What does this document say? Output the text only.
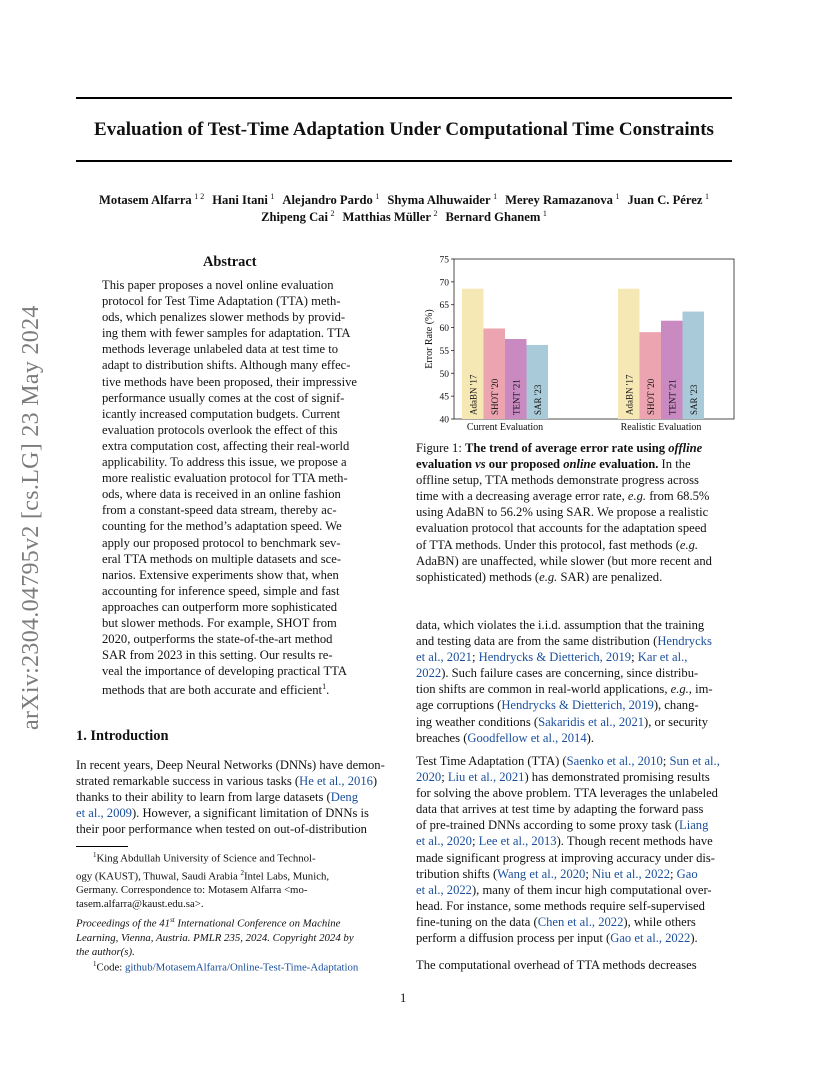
Evaluation of Test-Time Adaptation Under Computational Time Constraints
arXiv:2304.04795v2 [cs.LG] 23 May 2024
Motasem Alfarra  $^{1 2}$ Hani Itani  $^1$ Alejandro Pardo  $^1$ Shyma Alhuwaider  $^1$ Merey Ramazanova  $^1$ Juan C. Pérez  $^1$
Zhipeng Cai  $^2$ Matthias Müller  $^2$ Bernard Ghanem  $^1$
Abstract
This paper proposes a novel online evaluation
protocol for Test Time Adaptation (TTA) meth-
ods, which penalizes slower methods by provid-
ing them with fewer samples for adaptation. TTA
methods leverage unlabeled data at test time to
adapt to distribution shifts. Although many effec-
tive methods have been proposed, their impressive
performance usually comes at the cost of signif-
icantly increased computation budgets. Current
evaluation protocols overlook the effect of this
extra computation cost, affecting their real-world
applicability. To address this issue, we propose a
more realistic evaluation protocol for TTA meth-
ods, where data is received in an online fashion
from a constant-speed data stream, thereby ac-
counting for the method’s adaptation speed. We
apply our proposed protocol to benchmark sev-
eral TTA methods on multiple datasets and sce-
narios. Extensive experiments show that, when
accounting for inference speed, simple and fast
approaches can outperform more sophisticated
but slower methods. For example, SHOT from
2020, outperforms the state-of-the-art method
SAR from 2023 in this setting. Our results re-
veal the importance of developing practical TTA
methods that are both accurate and efficient$^1$.
1. Introduction
In recent years, Deep Neural Networks (DNNs) have demon-
strated remarkable success in various tasks (He et al., 2016)
thanks to their ability to learn from large datasets (Deng
et al., 2009). However, a significant limitation of DNNs is
their poor performance when tested on out-of-distribution
$^1$King Abdullah University of Science and Technol-
ogy (KAUST), Thuwal, Saudi Arabia $^2$Intel Labs, Munich,
Germany. Correspondence to: Motasem Alfarra <mo-
tasem.alfarra@kaust.edu.sa>.
Proceedings of the 41st International Conference on Machine
Learning, Vienna, Austria. PMLR 235, 2024. Copyright 2024 by
the author(s).
$^1$Code: github/MotasemAlfarra/Online-Test-Time-Adaptation
40
45
50
55
60
65
70
75
Error Rate (%)
AdaBN '17 SHOT '20 TENT '21 SAR '23
Current Evaluation
AdaBN '17 SHOT '20 TENT '21 SAR '23
Realistic Evaluation
Figure 1: The trend of average error rate using offline
evaluation vs our proposed online evaluation. In the
offline setup, TTA methods demonstrate progress across
time with a decreasing average error rate, e.g. from 68.5%
using AdaBN to 56.2% using SAR. We propose a realistic
evaluation protocol that accounts for the adaptation speed
of TTA methods. Under this protocol, fast methods (e.g.
AdaBN) are unaffected, while slower (but more recent and
sophisticated) methods (e.g. SAR) are penalized.
data, which violates the i.i.d. assumption that the training
and testing data are from the same distribution (Hendrycks
et al., 2021; Hendrycks & Dietterich, 2019; Kar et al.,
2022). Such failure cases are concerning, since distribu-
tion shifts are common in real-world applications, e.g., im-
age corruptions (Hendrycks & Dietterich, 2019), chang-
ing weather conditions (Sakaridis et al., 2021), or security
breaches (Goodfellow et al., 2014).
Test Time Adaptation (TTA) (Saenko et al., 2010; Sun et al.,
2020; Liu et al., 2021) has demonstrated promising results
for solving the above problem. TTA leverages the unlabeled
data that arrives at test time by adapting the forward pass
of pre-trained DNNs according to some proxy task (Liang
et al., 2020; Lee et al., 2013). Though recent methods have
made significant progress at improving accuracy under dis-
tribution shifts (Wang et al., 2020; Niu et al., 2022; Gao
et al., 2022), many of them incur high computational over-
head. For instance, some methods require self-supervised
fine-tuning on the data (Chen et al., 2022), while others
perform a diffusion process per input (Gao et al., 2022).
The computational overhead of TTA methods decreases
1
